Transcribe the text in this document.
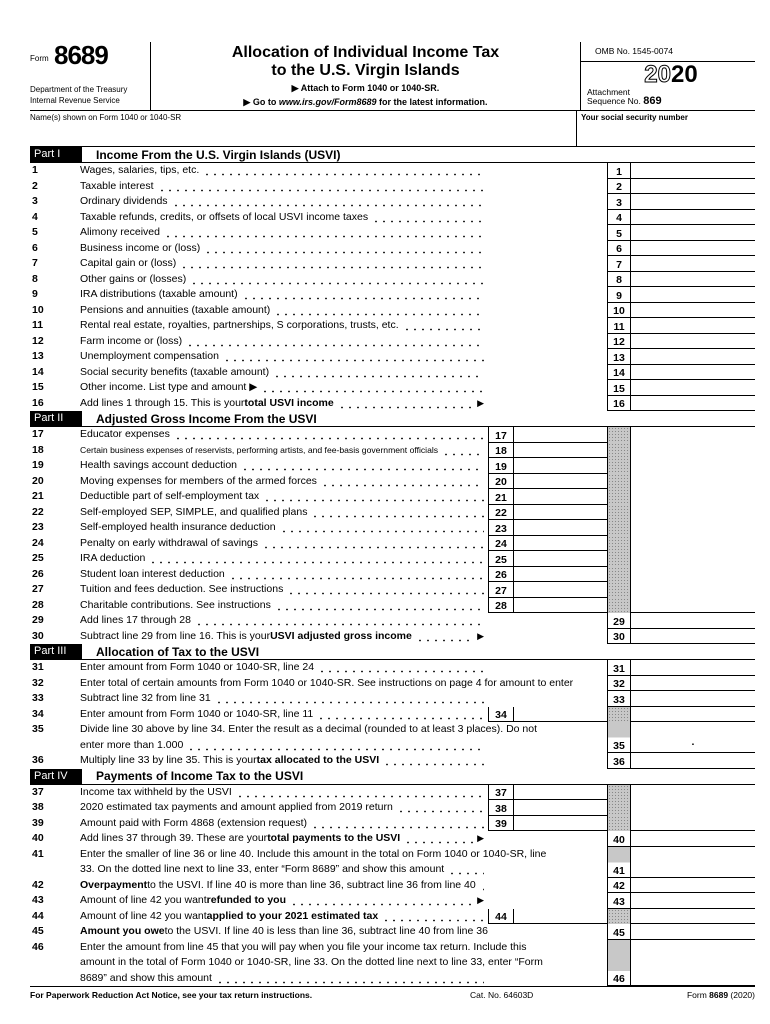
Form 8689
Department of the Treasury
Internal Revenue Service
Allocation of Individual Income Tax
to the U.S. Virgin Islands
▶ Attach to Form 1040 or 1040-SR.
▶ Go to www.irs.gov/Form8689 for the latest information.
OMB No. 1545-0074
2020
Attachment
Sequence No. 869
Name(s) shown on Form 1040 or 1040-SR	Your social security number
Part I	Income From the U.S. Virgin Islands (USVI)
1	Wages, salaries, tips, etc.	1
2	Taxable interest	2
3	Ordinary dividends	3
4	Taxable refunds, credits, or offsets of local USVI income taxes	4
5	Alimony received	5
6	Business income or (loss)	6
7	Capital gain or (loss)	7
8	Other gains or (losses)	8
9	IRA distributions (taxable amount)	9
10	Pensions and annuities (taxable amount)	10
11	Rental real estate, royalties, partnerships, S corporations, trusts, etc.	11
12	Farm income or (loss)	12
13	Unemployment compensation	13
14	Social security benefits (taxable amount)	14
15	Other income. List type and amount ▶	15
16	Add lines 1 through 15. This is your total USVI income	▶	16
Part II	Adjusted Gross Income From the USVI
17	Educator expenses	17
18	Certain business expenses of reservists, performing artists, and fee-basis government officials	18
19	Health savings account deduction	19
20	Moving expenses for members of the armed forces	20
21	Deductible part of self-employment tax	21
22	Self-employed SEP, SIMPLE, and qualified plans	22
23	Self-employed health insurance deduction	23
24	Penalty on early withdrawal of savings	24
25	IRA deduction	25
26	Student loan interest deduction	26
27	Tuition and fees deduction. See instructions	27
28	Charitable contributions. See instructions	28
29	Add lines 17 through 28	29
30	Subtract line 29 from line 16. This is your USVI adjusted gross income	▶	30
Part III	Allocation of Tax to the USVI
31	Enter amount from Form 1040 or 1040-SR, line 24	31
32	Enter total of certain amounts from Form 1040 or 1040-SR. See instructions on page 4 for amount to enter	32
33	Subtract line 32 from line 31	33
34	Enter amount from Form 1040 or 1040-SR, line 11	34
35	Divide line 30 above by line 34. Enter the result as a decimal (rounded to at least 3 places). Do not
enter more than 1.000	35	.
36	Multiply line 33 by line 35. This is your tax allocated to the USVI	36
Part IV	Payments of Income Tax to the USVI
37	Income tax withheld by the USVI	37
38	2020 estimated tax payments and amount applied from 2019 return	38
39	Amount paid with Form 4868 (extension request)	39
40	Add lines 37 through 39. These are your total payments to the USVI	▶	40
41	Enter the smaller of line 36 or line 40. Include this amount in the total on Form 1040 or 1040-SR, line
33. On the dotted line next to line 33, enter “Form 8689” and show this amount	41
42	Overpayment to the USVI. If line 40 is more than line 36, subtract line 36 from line 40	42
43	Amount of line 42 you want refunded to you	▶	43
44	Amount of line 42 you want applied to your 2021 estimated tax	44
45	Amount you owe to the USVI. If line 40 is less than line 36, subtract line 40 from line 36	45
46	Enter the amount from line 45 that you will pay when you file your income tax return. Include this
amount in the total of Form 1040 or 1040-SR, line 33. On the dotted line next to line 33, enter “Form
8689” and show this amount	46
For Paperwork Reduction Act Notice, see your tax return instructions.	Cat. No. 64603D	Form 8689 (2020)
